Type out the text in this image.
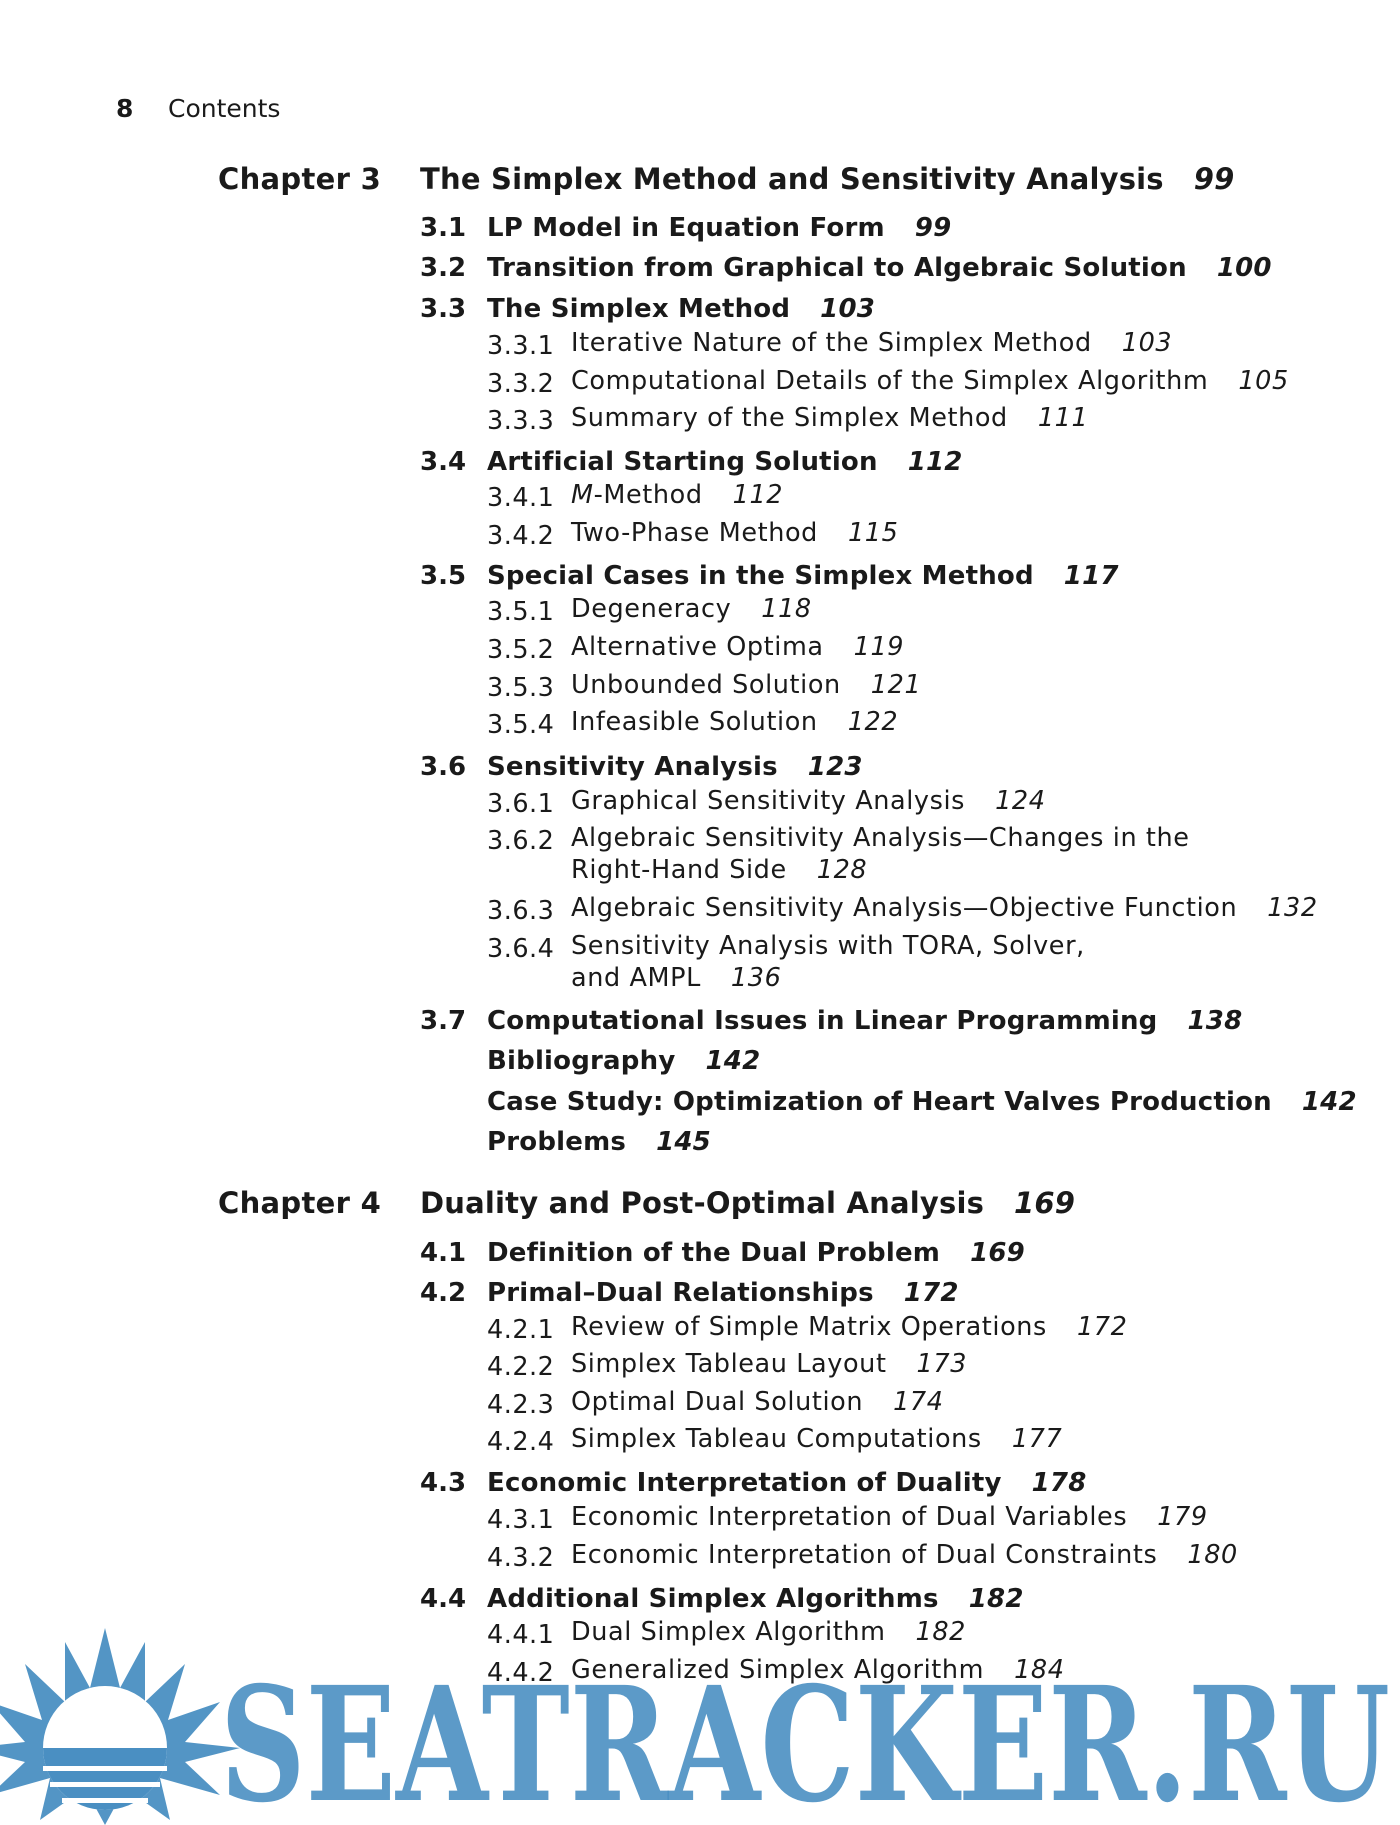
8 Contents
Chapter 3 The Simplex Method and Sensitivity Analysis 99
3.1 LP Model in Equation Form 99
3.2 Transition from Graphical to Algebraic Solution 100
3.3 The Simplex Method 103
3.3.1 Iterative Nature of the Simplex Method 103
3.3.2 Computational Details of the Simplex Algorithm 105
3.3.3 Summary of the Simplex Method 111
3.4 Artificial Starting Solution 112
3.4.1 M-Method 112
3.4.2 Two-Phase Method 115
3.5 Special Cases in the Simplex Method 117
3.5.1 Degeneracy 118
3.5.2 Alternative Optima 119
3.5.3 Unbounded Solution 121
3.5.4 Infeasible Solution 122
3.6 Sensitivity Analysis 123
3.6.1 Graphical Sensitivity Analysis 124
3.6.2 Algebraic Sensitivity Analysis—Changes in the
Right-Hand Side 128
3.6.3 Algebraic Sensitivity Analysis—Objective Function 132
3.6.4 Sensitivity Analysis with TORA, Solver,
and AMPL 136
3.7 Computational Issues in Linear Programming 138
Bibliography 142
Case Study: Optimization of Heart Valves Production 142
Problems 145
Chapter 4 Duality and Post-Optimal Analysis 169
4.1 Definition of the Dual Problem 169
4.2 Primal–Dual Relationships 172
4.2.1 Review of Simple Matrix Operations 172
4.2.2 Simplex Tableau Layout 173
4.2.3 Optimal Dual Solution 174
4.2.4 Simplex Tableau Computations 177
4.3 Economic Interpretation of Duality 178
4.3.1 Economic Interpretation of Dual Variables 179
4.3.2 Economic Interpretation of Dual Constraints 180
4.4 Additional Simplex Algorithms 182
4.4.1 Dual Simplex Algorithm 182
4.4.2 Generalized Simplex Algorithm 184
SEATRACKER.RU
